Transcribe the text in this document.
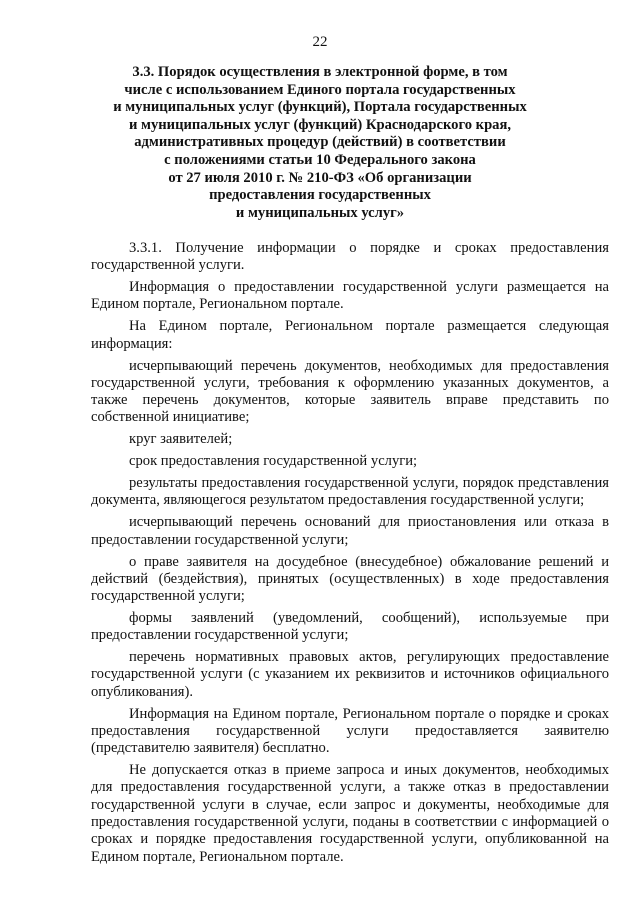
22
3.3. Порядок осуществления в электронной форме, в том
числе с использованием Единого портала государственных
и муниципальных услуг (функций), Портала государственных
и муниципальных услуг (функций) Краснодарского края,
административных процедур (действий) в соответствии
с положениями статьи 10 Федерального закона
от 27 июля 2010 г. № 210-ФЗ «Об организации
предоставления государственных
и муниципальных услуг»

3.3.1. Получение информации о порядке и сроках предоставления государственной услуги.

Информация о предоставлении государственной услуги размещается на Едином портале, Региональном портале.

На Едином портале, Региональном портале размещается следующая информация:

исчерпывающий перечень документов, необходимых для предоставления государственной услуги, требования к оформлению указанных документов, а также перечень документов, которые заявитель вправе представить по собственной инициативе;

круг заявителей;

срок предоставления государственной услуги;

результаты предоставления государственной услуги, порядок представления документа, являющегося результатом предоставления государственной услуги;

исчерпывающий перечень оснований для приостановления или отказа в предоставлении государственной услуги;

о праве заявителя на досудебное (внесудебное) обжалование решений и действий (бездействия), принятых (осуществленных) в ходе предоставления государственной услуги;

формы заявлений (уведомлений, сообщений), используемые при предоставлении государственной услуги;

перечень нормативных правовых актов, регулирующих предоставление государственной услуги (с указанием их реквизитов и источников официального опубликования).

Информация на Едином портале, Региональном портале о порядке и сроках предоставления государственной услуги предоставляется заявителю (представителю заявителя) бесплатно.

Не допускается отказ в приеме запроса и иных документов, необходимых для предоставления государственной услуги, а также отказ в предоставлении государственной услуги в случае, если запрос и документы, необходимые для предоставления государственной услуги, поданы в соответствии с информацией о сроках и порядке предоставления государственной услуги, опубликованной на Едином портале, Региональном портале.
